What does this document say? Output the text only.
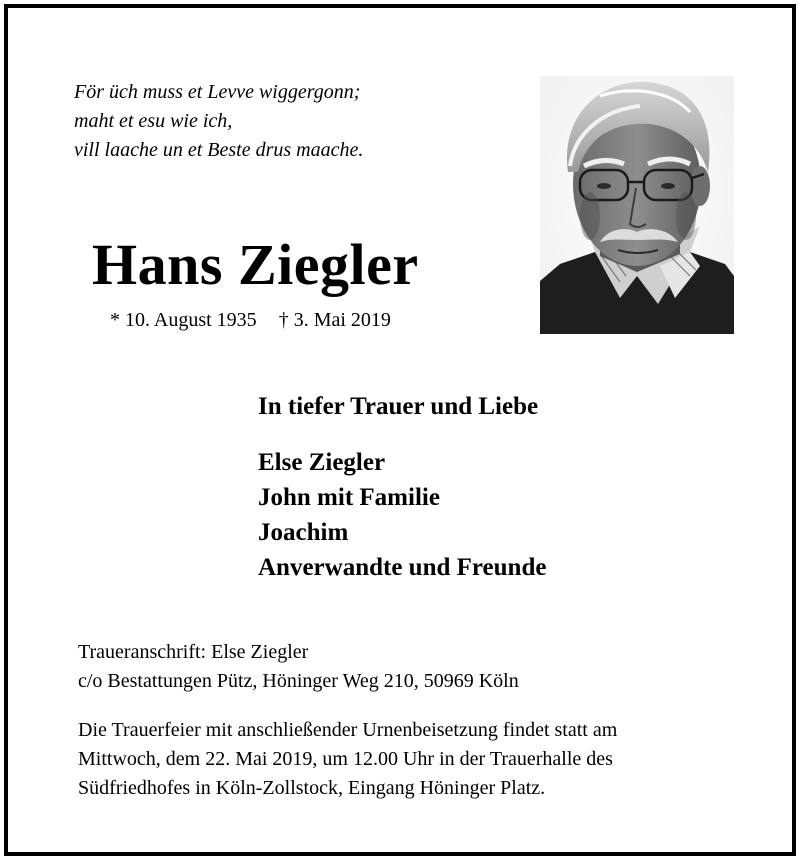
För üch muss et Levve wiggergonn;
maht et esu wie ich,
vill laache un et Beste drus maache.
Hans Ziegler
* 10. August 1935 † 3. Mai 2019
In tiefer Trauer und Liebe
Else Ziegler
John mit Familie
Joachim
Anverwandte und Freunde
Traueranschrift: Else Ziegler
c/o Bestattungen Pütz, Höninger Weg 210, 50969 Köln
Die Trauerfeier mit anschließender Urnenbeisetzung findet statt am
Mittwoch, dem 22. Mai 2019, um 12.00 Uhr in der Trauerhalle des
Südfriedhofes in Köln-Zollstock, Eingang Höninger Platz.
